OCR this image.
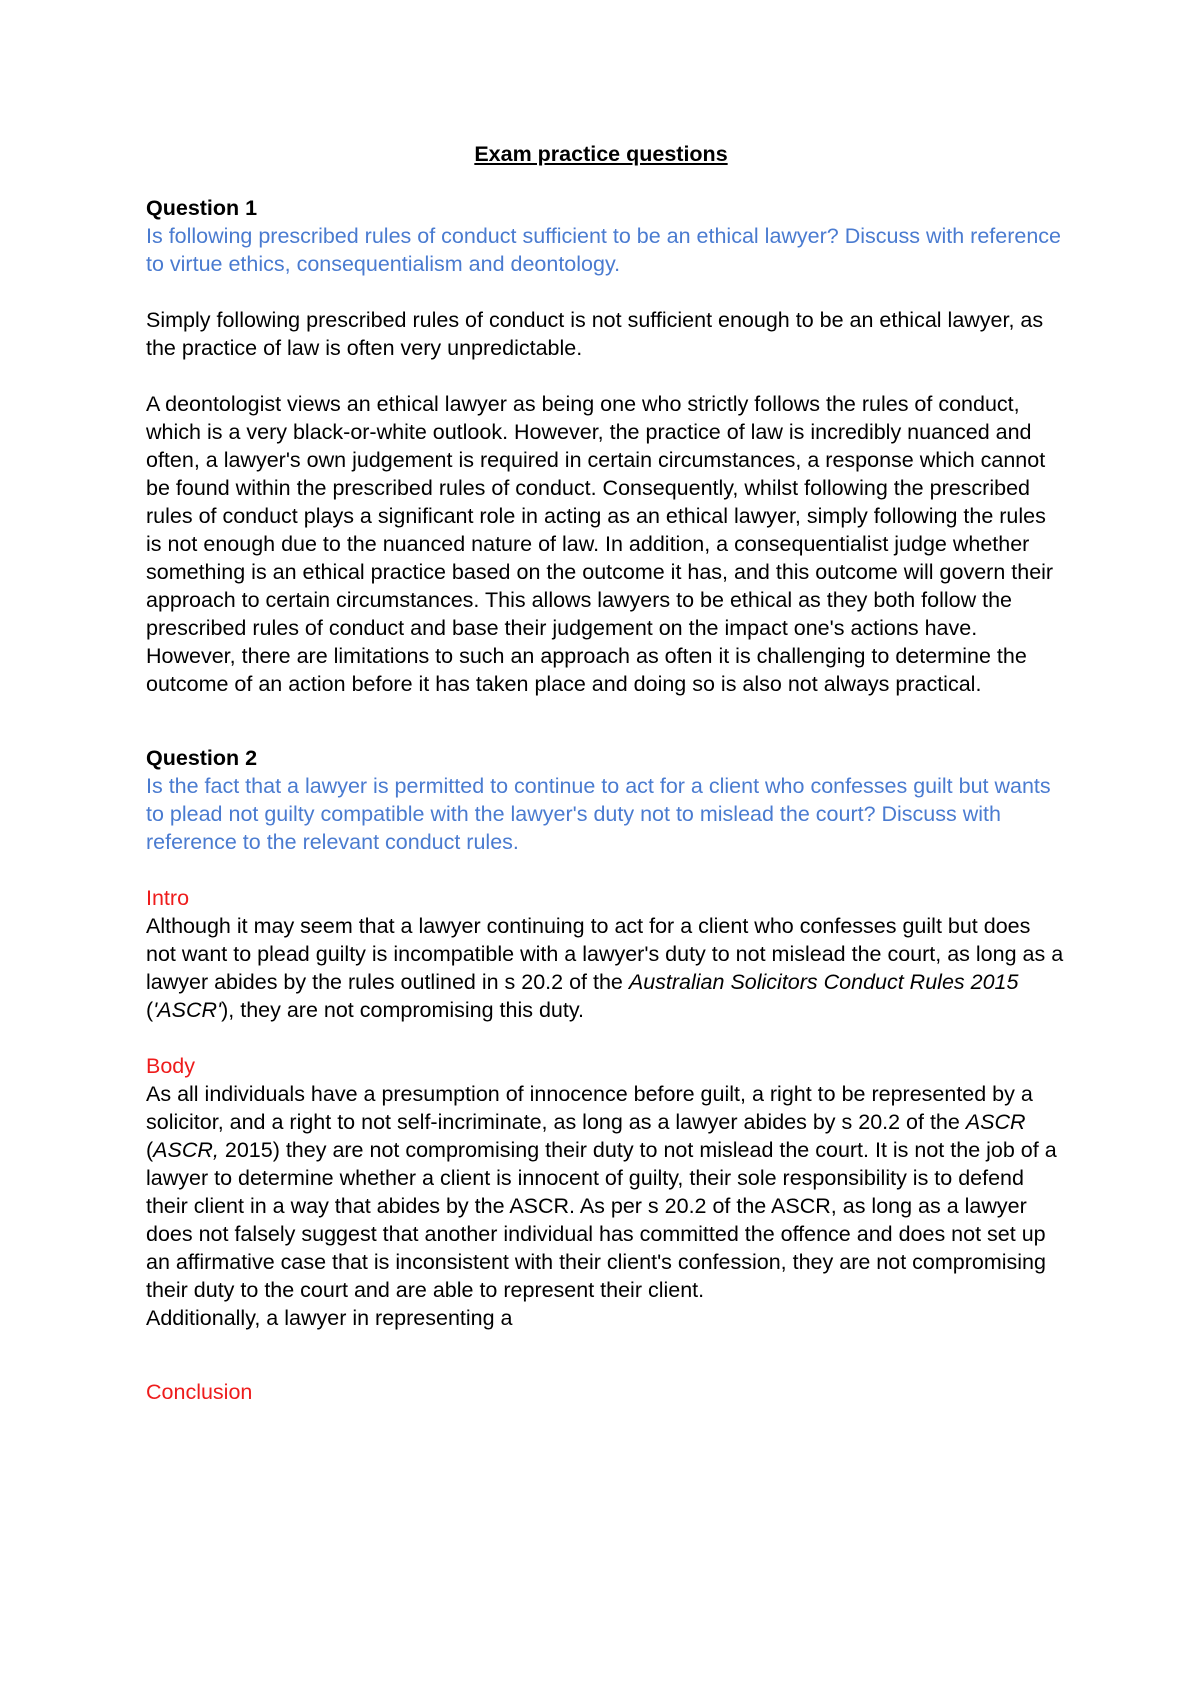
Exam practice questions

Question 1

Is following prescribed rules of conduct sufficient to be an ethical lawyer? Discuss with reference to virtue ethics, consequentialism and deontology.

Simply following prescribed rules of conduct is not sufficient enough to be an ethical lawyer, as the practice of law is often very unpredictable.

A deontologist views an ethical lawyer as being one who strictly follows the rules of conduct, which is a very black-or-white outlook. However, the practice of law is incredibly nuanced and often, a lawyer's own judgement is required in certain circumstances, a response which cannot be found within the prescribed rules of conduct. Consequently, whilst following the prescribed rules of conduct plays a significant role in acting as an ethical lawyer, simply following the rules is not enough due to the nuanced nature of law. In addition, a consequentialist judge whether something is an ethical practice based on the outcome it has, and this outcome will govern their approach to certain circumstances. This allows lawyers to be ethical as they both follow the prescribed rules of conduct and base their judgement on the impact one's actions have. However, there are limitations to such an approach as often it is challenging to determine the outcome of an action before it has taken place and doing so is also not always practical.

Question 2

Is the fact that a lawyer is permitted to continue to act for a client who confesses guilt but wants to plead not guilty compatible with the lawyer's duty not to mislead the court? Discuss with reference to the relevant conduct rules.

Intro

Although it may seem that a lawyer continuing to act for a client who confesses guilt but does not want to plead guilty is incompatible with a lawyer's duty to not mislead the court, as long as a lawyer abides by the rules outlined in s 20.2 of the Australian Solicitors Conduct Rules 2015 ('ASCR'), they are not compromising this duty.

Body

As all individuals have a presumption of innocence before guilt, a right to be represented by a solicitor, and a right to not self-incriminate, as long as a lawyer abides by s 20.2 of the ASCR (ASCR, 2015) they are not compromising their duty to not mislead the court. It is not the job of a lawyer to determine whether a client is innocent of guilty, their sole responsibility is to defend their client in a way that abides by the ASCR. As per s 20.2 of the ASCR, as long as a lawyer does not falsely suggest that another individual has committed the offence and does not set up an affirmative case that is inconsistent with their client's confession, they are not compromising their duty to the court and are able to represent their client.

Additionally, a lawyer in representing a

Conclusion
